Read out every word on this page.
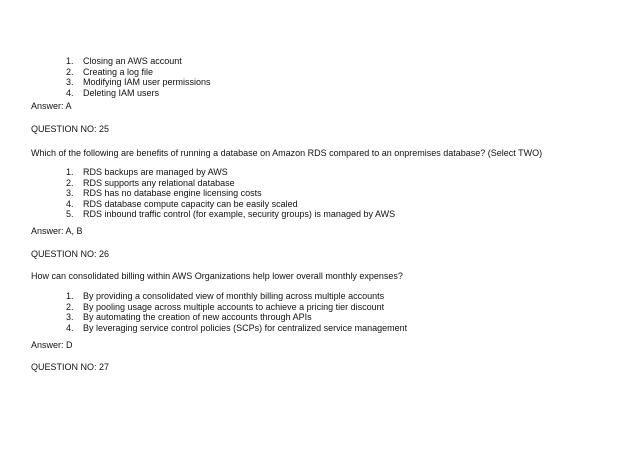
1. Closing an AWS account
2. Creating a log file
3. Modifying IAM user permissions
4. Deleting IAM users
Answer: A
QUESTION NO: 25
Which of the following are benefits of running a database on Amazon RDS compared to an onpremises database? (Select TWO)
1. RDS backups are managed by AWS
2. RDS supports any relational database
3. RDS has no database engine licensing costs
4. RDS database compute capacity can be easily scaled
5. RDS inbound traffic control (for example, security groups) is managed by AWS
Answer: A, B
QUESTION NO: 26
How can consolidated billing within AWS Organizations help lower overall monthly expenses?
1. By providing a consolidated view of monthly billing across multiple accounts
2. By pooling usage across multiple accounts to achieve a pricing tier discount
3. By automating the creation of new accounts through APIs
4. By leveraging service control policies (SCPs) for centralized service management
Answer: D
QUESTION NO: 27
